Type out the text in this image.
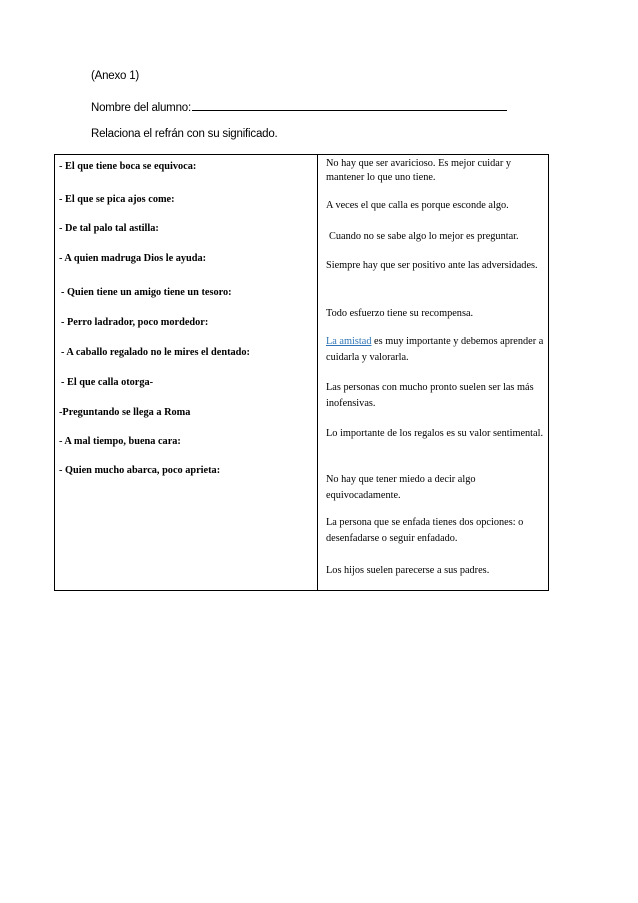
(Anexo 1)
Nombre del alumno:
Relaciona el refrán con su significado.
- El que tiene boca se equivoca:
- El que se pica ajos come:
- De tal palo tal astilla:
- A quien madruga Dios le ayuda:
- Quien tiene un amigo tiene un tesoro:
- Perro ladrador, poco mordedor:
- A caballo regalado no le mires el dentado:
- El que calla otorga-
-Preguntando se llega a Roma
- A mal tiempo, buena cara:
- Quien mucho abarca, poco aprieta:
No hay que ser avaricioso. Es mejor cuidar y mantener lo que uno tiene.
A veces el que calla es porque esconde algo.
Cuando no se sabe algo lo mejor es preguntar.
Siempre hay que ser positivo ante las adversidades.
Todo esfuerzo tiene su recompensa.
La amistad es muy importante y debemos aprender a cuidarla y valorarla.
Las personas con mucho pronto suelen ser las más inofensivas.
Lo importante de los regalos es su valor sentimental.
No hay que tener miedo a decir algo equivocadamente.
La persona que se enfada tienes dos opciones: o desenfadarse o seguir enfadado.
Los hijos suelen parecerse a sus padres.
